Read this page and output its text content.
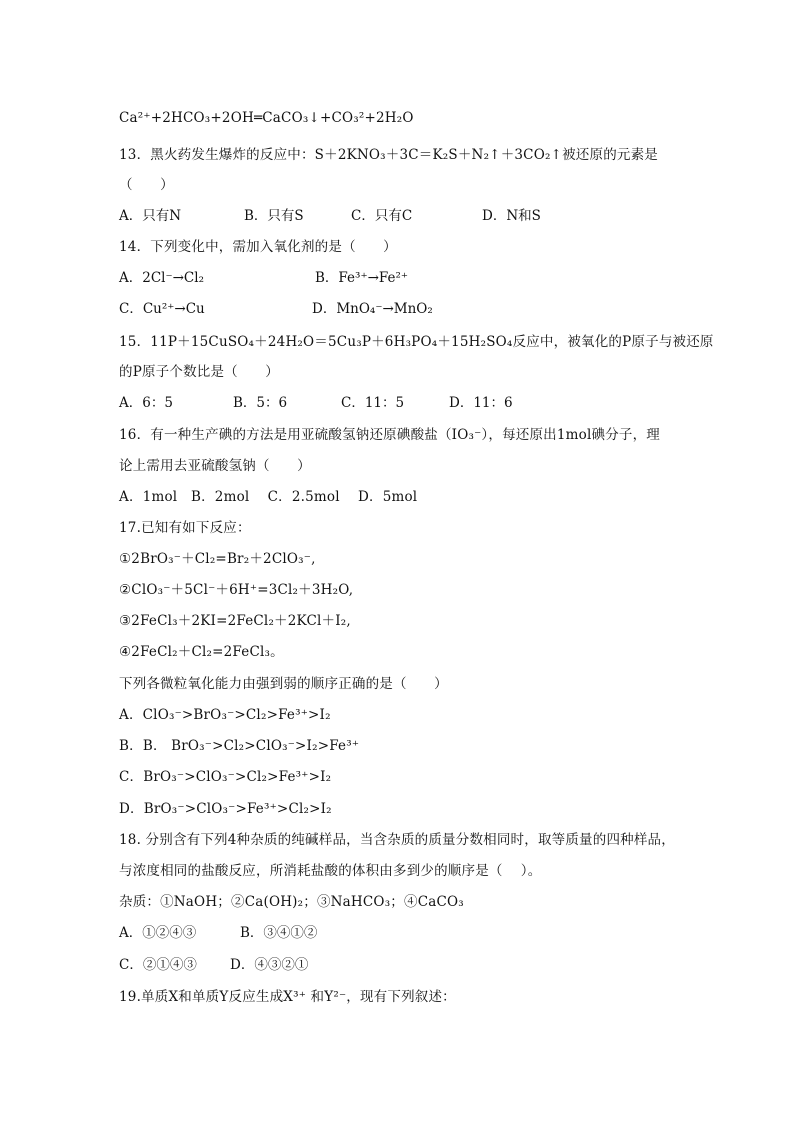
Ca²⁺+2HCO₃+2OH═CaCO₃↓+CO₃²+2H₂O
13．黑火药发生爆炸的反应中：S＋2KNO₃＋3C＝K₂S＋N₂↑＋3CO₂↑被还原的元素是
（　　）
A．只有N	B．只有S	C．只有C	D．N和S
14．下列变化中，需加入氧化剂的是（　　）
A．2Cl⁻→Cl₂	B．Fe³⁺→Fe²⁺
C．Cu²⁺→Cu	D．MnO₄⁻→MnO₂
15．11P＋15CuSO₄＋24H₂O＝5Cu₃P＋6H₃PO₄＋15H₂SO₄反应中，被氧化的P原子与被还原
的P原子个数比是（　　）
A．6：5	B．5：6	C．11：5	D．11：6
16．有一种生产碘的方法是用亚硫酸氢钠还原碘酸盐（IO₃⁻），每还原出1mol碘分子，理
论上需用去亚硫酸氢钠（　　）
A．1mol　B．2mol　 C．2.5mol　 D．5mol
17.已知有如下反应：
①2BrO₃⁻＋Cl₂=Br₂＋2ClO₃⁻,
②ClO₃⁻＋5Cl⁻＋6H⁺=3Cl₂＋3H₂O,
③2FeCl₃＋2KI=2FeCl₂＋2KCl＋I₂,
④2FeCl₂＋Cl₂=2FeCl₃。
下列各微粒氧化能力由强到弱的顺序正确的是（　　）
A．ClO₃⁻>BrO₃⁻>Cl₂>Fe³⁺>I₂
B．B． BrO₃⁻>Cl₂>ClO₃⁻>I₂>Fe³⁺
C．BrO₃⁻>ClO₃⁻>Cl₂>Fe³⁺>I₂
D．BrO₃⁻>ClO₃⁻>Fe³⁺>Cl₂>I₂
18. 分别含有下列4种杂质的纯碱样品，当含杂质的质量分数相同时，取等质量的四种样品，
与浓度相同的盐酸反应，所消耗盐酸的体积由多到少的顺序是（　 ）。
杂质：①NaOH；②Ca(OH)₂；③NaHCO₃；④CaCO₃
A．①②④③	B．③④①②
C．②①④③ D．④③②①
19.单质X和单质Y反应生成X³⁺ 和Y²⁻，现有下列叙述：
